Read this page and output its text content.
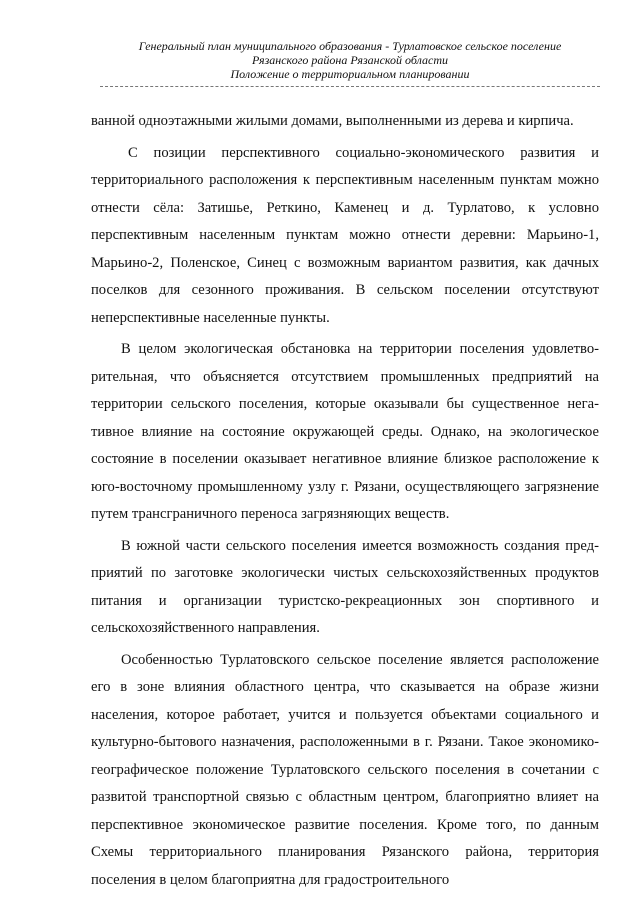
Генеральный план муниципального образования - Турлатовское сельское поселение
Рязанского района Рязанской области
Положение о территориальном планировании

ванной одноэтажными жилыми домами, выполненными из дерева и кирпича.

С позиции перспективного социально-экономического развития и территориального расположения к перспективным населенным пунктам можно отнести сёла: Затишье, Реткино, Каменец и д. Турлатово, к условно перспективным населенным пунктам можно отнести деревни: Марьино-1, Марьино-2, Поленское, Синец с возможным вариантом развития, как дачных поселков для сезонного проживания. В сельском поселении отсутствуют неперспективные населенные пункты.

В целом экологическая обстановка на территории поселения удовлетворительная, что объясняется отсутствием промышленных предприятий на территории сельского поселения, которые оказывали бы существенное негативное влияние на состояние окружающей среды. Однако, на экологическое состояние в поселении оказывает негативное влияние близкое расположение к юго-восточному промышленному узлу г. Рязани, осуществляющего загрязнение путем трансграничного переноса загрязняющих веществ.

В южной части сельского поселения имеется возможность создания предприятий по заготовке экологически чистых сельскохозяйственных продуктов питания и организации туристско-рекреационных зон спортивного и сельскохозяйственного направления.

Особенностью Турлатовского сельское поселение является расположение его в зоне влияния областного центра, что сказывается на образе жизни населения, которое работает, учится и пользуется объектами социального и культурно-бытового назначения, расположенными в г. Рязани. Такое экономико-географическое положение Турлатовского сельского поселения в сочетании с развитой транспортной связью с областным центром, благоприятно влияет на перспективное экономическое развитие поселения. Кроме того, по данным Схемы территориального планирования Рязанского района, территория поселения в целом благоприятна для градостроительного
